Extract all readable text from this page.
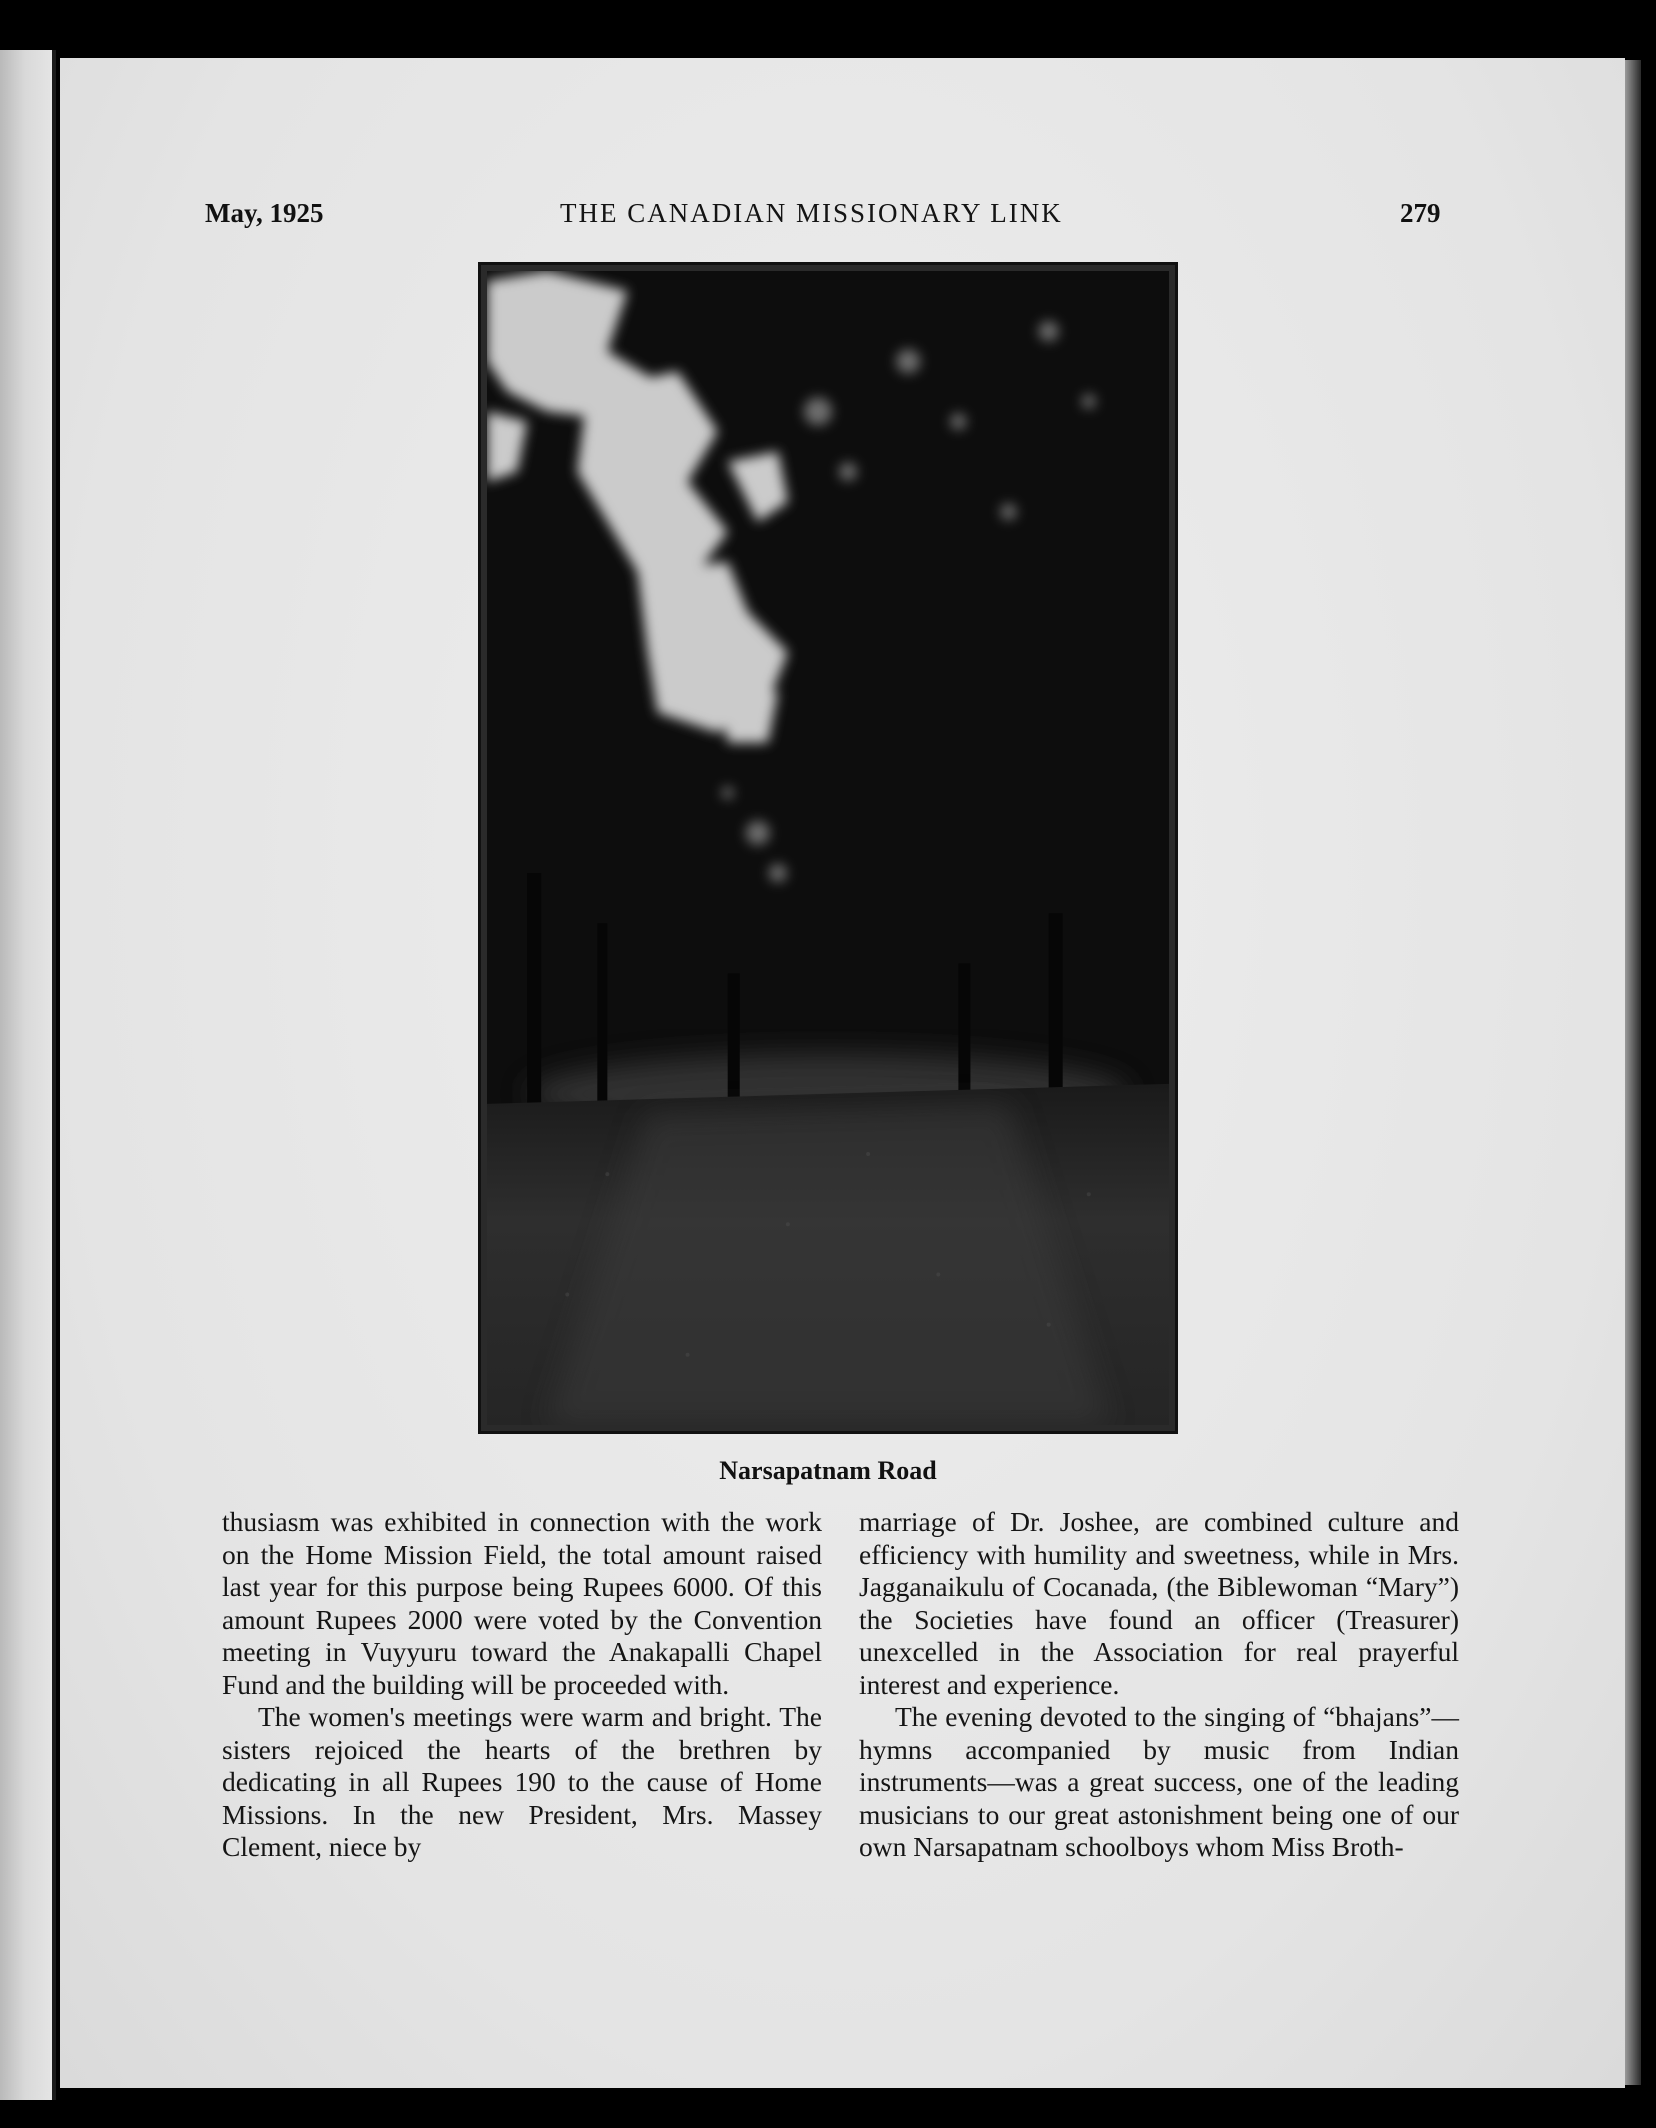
May, 1925	THE CANADIAN MISSIONARY LINK	279
Narsapatnam Road

thusiasm was exhibited in connection with the work on the Home Mission Field, the total amount raised last year for this purpose being Rupees 6000. Of this amount Rupees 2000 were voted by the Convention meeting in Vuyyuru toward the Anakapalli Chapel Fund and the building will be proceeded with.

The women's meetings were warm and bright. The sisters rejoiced the hearts of the brethren by dedicating in all Rupees 190 to the cause of Home Missions. In the new President, Mrs. Massey Clement, niece by

marriage of Dr. Joshee, are combined culture and efficiency with humility and sweetness, while in Mrs. Jagganaikulu of Cocanada, (the Biblewoman “Mary”) the Societies have found an officer (Treasurer) unexcelled in the Association for real prayerful interest and experience.

The evening devoted to the singing of “bhajans”—hymns accompanied by music from Indian instruments—was a great success, one of the leading musicians to our great astonishment being one of our own Narsapatnam schoolboys whom Miss Broth-
